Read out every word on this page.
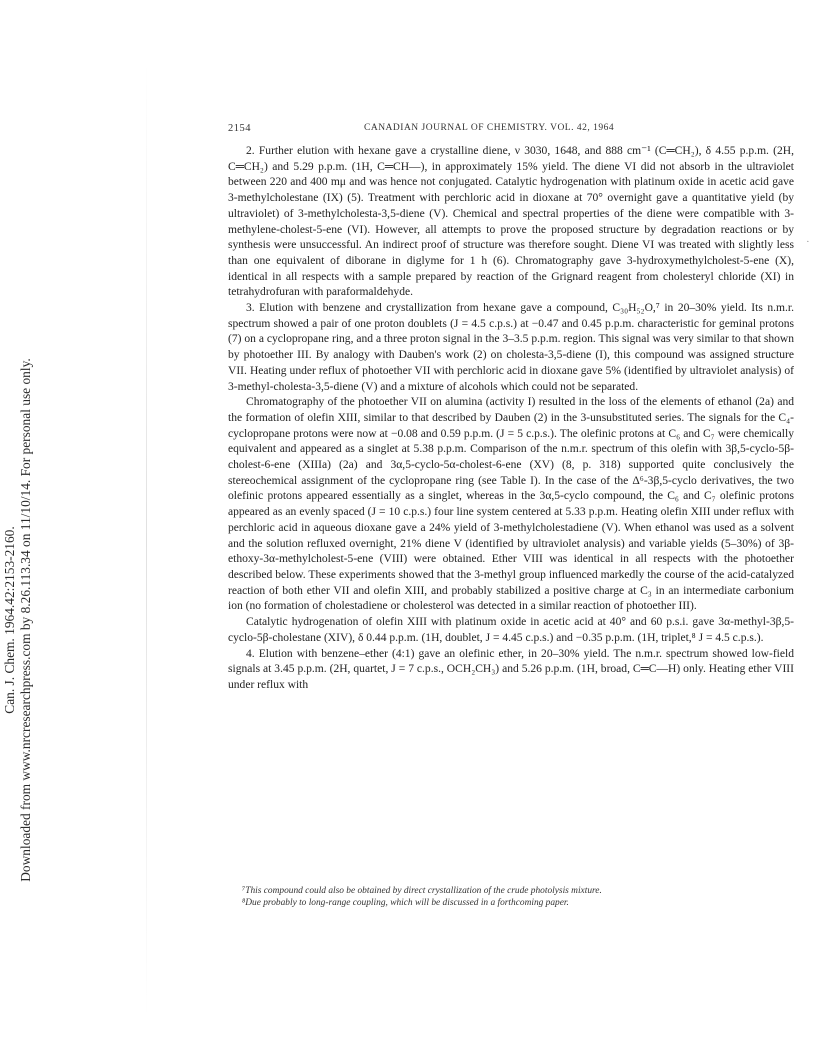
Can. J. Chem. 1964.42:2153-2160. Downloaded from www.nrcresearchpress.com by 8.26.113.34 on 11/10/14. For personal use only.
2154	CANADIAN JOURNAL OF CHEMISTRY. VOL. 42, 1964

2. Further elution with hexane gave a crystalline diene, ν 3030, 1648, and 888 cm⁻¹ (C═CH₂), δ 4.55 p.p.m. (2H, C═CH₂) and 5.29 p.p.m. (1H, C═CH—), in approximately 15% yield. The diene VI did not absorb in the ultraviolet between 220 and 400 mμ and was hence not conjugated. Catalytic hydrogenation with platinum oxide in acetic acid gave 3-methylcholestane (IX) (5). Treatment with perchloric acid in dioxane at 70° overnight gave a quantitative yield (by ultraviolet) of 3-methylcholesta-3,5-diene (V). Chemical and spectral properties of the diene were compatible with 3-methylene-cholest-5-ene (VI). However, all attempts to prove the proposed structure by degradation reactions or by synthesis were unsuccessful. An indirect proof of structure was therefore sought. Diene VI was treated with slightly less than one equivalent of diborane in diglyme for 1 h (6). Chromatography gave 3-hydroxymethylcholest-5-ene (X), identical in all respects with a sample prepared by reaction of the Grignard reagent from cholesteryl chloride (XI) in tetrahydrofuran with paraformaldehyde.

3. Elution with benzene and crystallization from hexane gave a compound, C₃₀H₅₂O,⁷ in 20–30% yield. Its n.m.r. spectrum showed a pair of one proton doublets (J = 4.5 c.p.s.) at −0.47 and 0.45 p.p.m. characteristic for geminal protons (7) on a cyclopropane ring, and a three proton signal in the 3–3.5 p.p.m. region. This signal was very similar to that shown by photoether III. By analogy with Dauben's work (2) on cholesta-3,5-diene (I), this compound was assigned structure VII. Heating under reflux of photoether VII with perchloric acid in dioxane gave 5% (identified by ultraviolet analysis) of 3-methyl-cholesta-3,5-diene (V) and a mixture of alcohols which could not be separated.

Chromatography of the photoether VII on alumina (activity I) resulted in the loss of the elements of ethanol (2a) and the formation of olefin XIII, similar to that described by Dauben (2) in the 3-unsubstituted series. The signals for the C₄-cyclopropane protons were now at −0.08 and 0.59 p.p.m. (J = 5 c.p.s.). The olefinic protons at C₆ and C₇ were chemically equivalent and appeared as a singlet at 5.38 p.p.m. Comparison of the n.m.r. spectrum of this olefin with 3β,5-cyclo-5β-cholest-6-ene (XIIIa) (2a) and 3α,5-cyclo-5α-cholest-6-ene (XV) (8, p. 318) supported quite conclusively the stereochemical assignment of the cyclopropane ring (see Table I). In the case of the Δ⁶-3β,5-cyclo derivatives, the two olefinic protons appeared essentially as a singlet, whereas in the 3α,5-cyclo compound, the C₆ and C₇ olefinic protons appeared as an evenly spaced (J = 10 c.p.s.) four line system centered at 5.33 p.p.m. Heating olefin XIII under reflux with perchloric acid in aqueous dioxane gave a 24% yield of 3-methylcholestadiene (V). When ethanol was used as a solvent and the solution refluxed overnight, 21% diene V (identified by ultraviolet analysis) and variable yields (5–30%) of 3β-ethoxy-3α-methylcholest-5-ene (VIII) were obtained. Ether VIII was identical in all respects with the photoether described below. These experiments showed that the 3-methyl group influenced markedly the course of the acid-catalyzed reaction of both ether VII and olefin XIII, and probably stabilized a positive charge at C₃ in an intermediate carbonium ion (no formation of cholestadiene or cholesterol was detected in a similar reaction of photoether III).

Catalytic hydrogenation of olefin XIII with platinum oxide in acetic acid at 40° and 60 p.s.i. gave 3α-methyl-3β,5-cyclo-5β-cholestane (XIV), δ 0.44 p.p.m. (1H, doublet, J = 4.45 c.p.s.) and −0.35 p.p.m. (1H, triplet,⁸ J = 4.5 c.p.s.).

4. Elution with benzene–ether (4:1) gave an olefinic ether, in 20–30% yield. The n.m.r. spectrum showed low-field signals at 3.45 p.p.m. (2H, quartet, J = 7 c.p.s., OCH₂CH₃) and 5.26 p.p.m. (1H, broad, C═C—H) only. Heating ether VIII under reflux with

⁷This compound could also be obtained by direct crystallization of the crude photolysis mixture.

⁸Due probably to long-range coupling, which will be discussed in a forthcoming paper.

·
